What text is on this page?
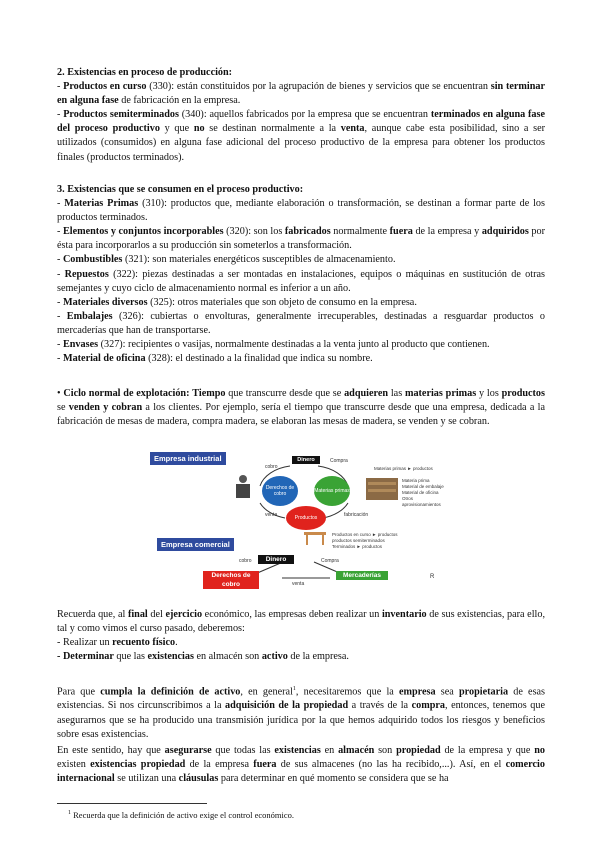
2. Existencias en proceso de producción:

- Productos en curso (330): están constituidos por la agrupación de bienes y servicios que se encuentran sin terminar en alguna fase de fabricación en la empresa.

- Productos semiterminados (340): aquellos fabricados por la empresa que se encuentran terminados en alguna fase del proceso productivo y que no se destinan normalmente a la venta, aunque cabe esta posibilidad, sino a ser utilizados (consumidos) en alguna fase adicional del proceso productivo de la empresa para obtener los productos finales (productos terminados).

3. Existencias que se consumen en el proceso productivo:

- Materias Primas (310): productos que, mediante elaboración o transformación, se destinan a formar parte de los productos terminados.

- Elementos y conjuntos incorporables (320): son los fabricados normalmente fuera de la empresa y adquiridos por ésta para incorporarlos a su producción sin someterlos a transformación.

- Combustibles (321): son materiales energéticos susceptibles de almacenamiento.

- Repuestos (322): piezas destinadas a ser montadas en instalaciones, equipos o máquinas en sustitución de otras semejantes y cuyo ciclo de almacenamiento normal es inferior a un año.

- Materiales diversos (325): otros materiales que son objeto de consumo en la empresa.

- Embalajes (326): cubiertas o envolturas, generalmente irrecuperables, destinadas a resguardar productos o mercaderías que han de transportarse.

- Envases (327): recipientes o vasijas, normalmente destinadas a la venta junto al producto que contienen.

- Material de oficina (328): el destinado a la finalidad que indica su nombre.

• Ciclo normal de explotación: Tiempo que transcurre desde que se adquieren las materias primas y los productos se venden y cobran a los clientes. Por ejemplo, sería el tiempo que transcurre desde que una empresa, dedicada a la fabricación de mesas de madera, compra madera, se elaboran las mesas de madera, se venden y se cobran.

Empresa industrial
Empresa comercial
Dinero	Compra
cobro
venta	fabricación
Derechos de cobro	Materias primas
Productos
Materias primas ► productos
Materia prima
Material de embalaje
Material de oficina
Otros aprovisionamientos
Productos en curso ► productos
productos semiterminados
Terminados ► productos
cobro	Dinero	Compra
Derechos de cobro
Mercaderías
venta
R

Recuerda que, al final del ejercicio económico, las empresas deben realizar un inventario de sus existencias, para ello, tal y como vimos el curso pasado, deberemos:

- Realizar un recuento físico.

- Determinar que las existencias en almacén son activo de la empresa.

Para que cumpla la definición de activo, en general$^1$, necesitaremos que la empresa sea propietaria de esas existencias. Si nos circunscribimos a la adquisición de la propiedad a través de la compra, entonces, tenemos que asegurarnos que se ha producido una transmisión jurídica por la que hemos adquirido todos los riesgos y beneficios sobre esas existencias.

En este sentido, hay que asegurarse que todas las existencias en almacén son propiedad de la empresa y que no existen existencias propiedad de la empresa fuera de sus almacenes (no las ha recibido,...). Así, en el comercio internacional se utilizan una cláusulas para determinar en qué momento se considera que se ha

$^1$ Recuerda que la definición de activo exige el control económico.
